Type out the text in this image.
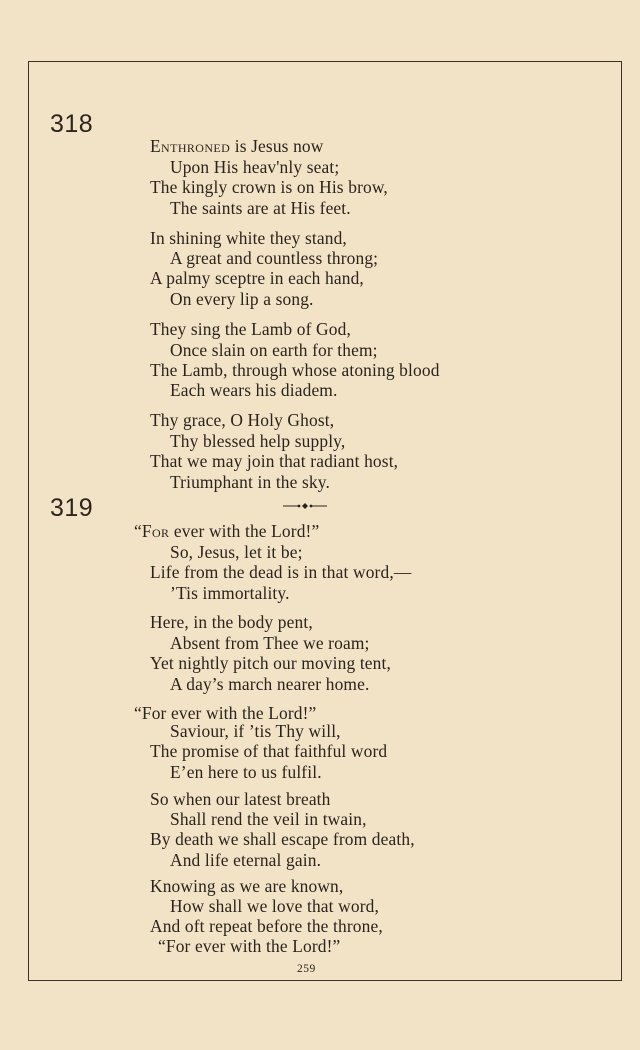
318
Enthroned is Jesus now
Upon His heav'nly seat;
The kingly crown is on His brow,
The saints are at His feet.
In shining white they stand,
A great and countless throng;
A palmy sceptre in each hand,
On every lip a song.
They sing the Lamb of God,
Once slain on earth for them;
The Lamb, through whose atoning blood
Each wears his diadem.
Thy grace, O Holy Ghost,
Thy blessed help supply,
That we may join that radiant host,
Triumphant in the sky.
319
“For ever with the Lord!”
So, Jesus, let it be;
Life from the dead is in that word,—
’Tis immortality.
Here, in the body pent,
Absent from Thee we roam;
Yet nightly pitch our moving tent,
A day’s march nearer home.
“For ever with the Lord!”
Saviour, if ’tis Thy will,
The promise of that faithful word
E’en here to us fulfil.
So when our latest breath
Shall rend the veil in twain,
By death we shall escape from death,
And life eternal gain.
Knowing as we are known,
How shall we love that word,
And oft repeat before the throne,
“For ever with the Lord!”
259
